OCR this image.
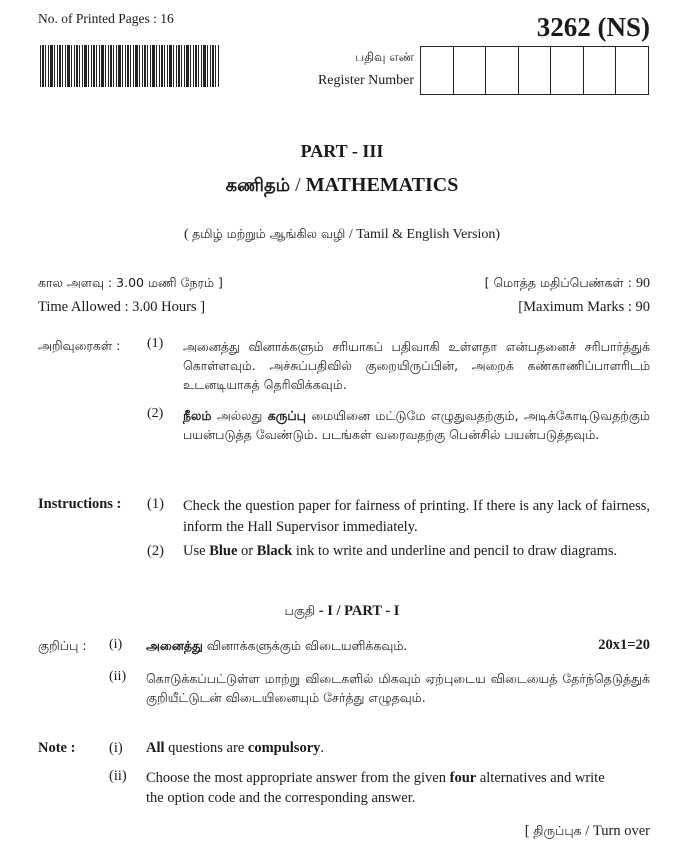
No. of Printed Pages : 16	3262 (NS)
பதிவு எண்
Register Number
PART - III
கணிதம் / MATHEMATICS
( தமிழ் மற்றும் ஆங்கில வழி / Tamil & English Version)
கால அளவு : 3.00 மணி நேரம் ]	[ மொத்த மதிப்பெண்கள் : 90
Time Allowed : 3.00 Hours ]	[Maximum Marks : 90
அறிவுரைகள் : (1) அனைத்து வினாக்களும் சரியாகப் பதிவாகி உள்ளதா என்பதனைச் சரிபார்த்துக் கொள்ளவும். அச்சுப்பதிவில் குறையிருப்பின், அறைக் கண்காணிப்பாளரிடம் உடனடியாகத் தெரிவிக்கவும்.
(2) நீலம் அல்லது கருப்பு மையினை மட்டுமே எழுதுவதற்கும், அடிக்கோடிடுவதற்கும் பயன்படுத்த வேண்டும். படங்கள் வரைவதற்கு பென்சில் பயன்படுத்தவும்.
Instructions : (1) Check the question paper for fairness of printing. If there is any lack of fairness, inform the Hall Supervisor immediately.
(2) Use Blue or Black ink to write and underline and pencil to draw diagrams.
பகுதி - I / PART - I
குறிப்பு : (i) அனைத்து வினாக்களுக்கும் விடையளிக்கவும்.	20x1=20
(ii) கொடுக்கப்பட்டுள்ள மாற்று விடைகளில் மிகவும் ஏற்புடைய விடையைத் தேர்ந்தெடுத்துக் குறியீட்டுடன் விடையினையும் சேர்த்து எழுதவும்.
Note : (i) All questions are compulsory.
(ii) Choose the most appropriate answer from the given four alternatives and write the option code and the corresponding answer.
[ திருப்புக / Turn over
